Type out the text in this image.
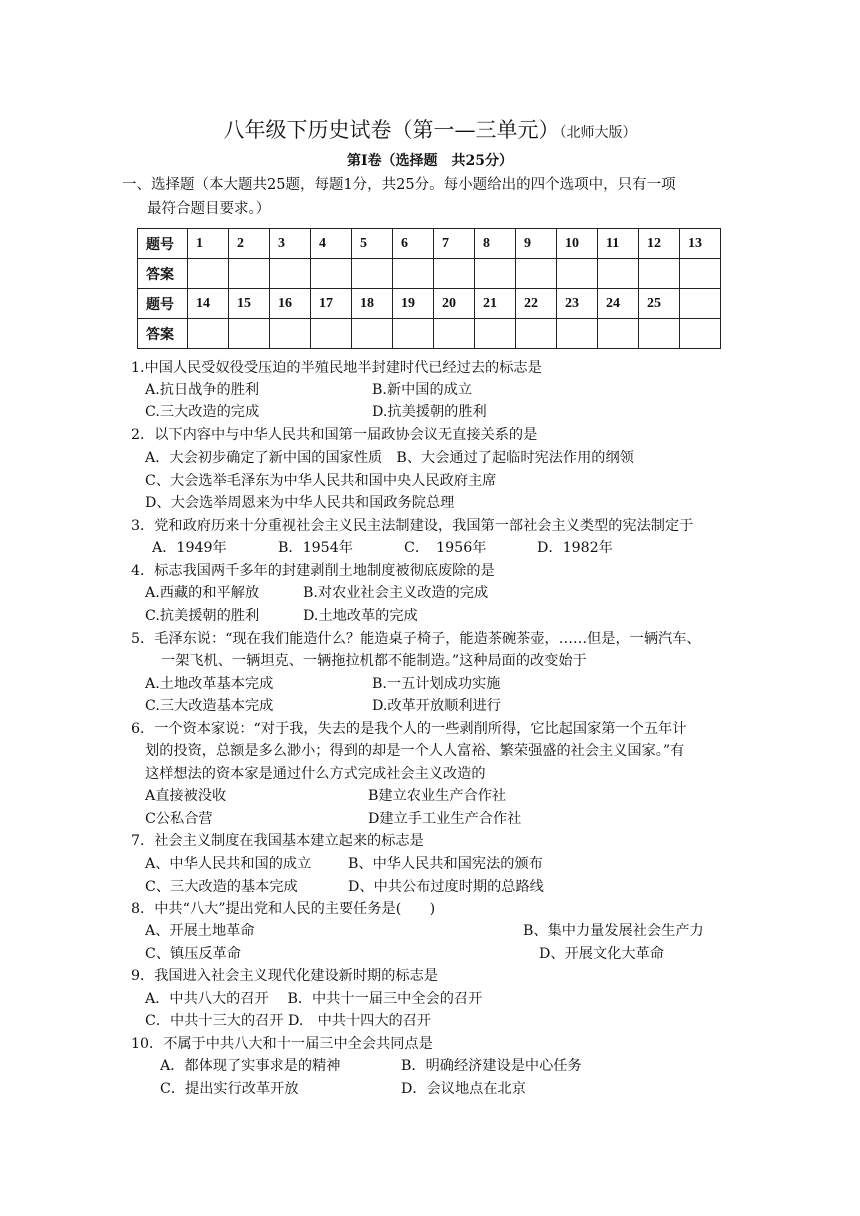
八年级下历史试卷（第一—三单元）（北师大版）
第Ⅰ卷（选择题　共25分）
一、选择题（本大题共25题，每题1分，共25分。每小题给出的四个选项中，只有一项
最符合题目要求。）
题号	1	2	3	4	5	6	7	8	9	10	11	12	13
答案													
题号	14	15	16	17	18	19	20	21	22	23	24	25	
答案													
1.中国人民受奴役受压迫的半殖民地半封建时代已经过去的标志是
A.抗日战争的胜利	B.新中国的成立
C.三大改造的完成	D.抗美援朝的胜利
2．以下内容中与中华人民共和国第一届政协会议无直接关系的是
A．大会初步确定了新中国的国家性质　B、大会通过了起临时宪法作用的纲领
C、大会选举毛泽东为中华人民共和国中央人民政府主席
D、大会选举周恩来为中华人民共和国政务院总理
3．党和政府历来十分重视社会主义民主法制建设，我国第一部社会主义类型的宪法制定于
A．1949年	B．1954年	C．　1956年	D．1982年
4．标志我国两千多年的封建剥削土地制度被彻底废除的是
A.西藏的和平解放	B.对农业社会主义改造的完成
C.抗美援朝的胜利	D.土地改革的完成
5．毛泽东说：“现在我们能造什么？能造桌子椅子，能造茶碗茶壶，……但是，一辆汽车、
一架飞机、一辆坦克、一辆拖拉机都不能制造。”这种局面的改变始于
A.土地改革基本完成	B.一五计划成功实施
C.三大改造基本完成	D.改革开放顺利进行
6．一个资本家说：“对于我，失去的是我个人的一些剥削所得，它比起国家第一个五年计
划的投资，总额是多么渺小；得到的却是一个人人富裕、繁荣强盛的社会主义国家。”有
这样想法的资本家是通过什么方式完成社会主义改造的
A直接被没收	B建立农业生产合作社
C公私合营	D建立手工业生产合作社
7．社会主义制度在我国基本建立起来的标志是
A、中华人民共和国的成立	B、中华人民共和国宪法的颁布
C、三大改造的基本完成	D、中共公布过度时期的总路线
8．中共“八大”提出党和人民的主要任务是(　　)
A、开展土地革命	B、集中力量发展社会生产力
C、镇压反革命	D、开展文化大革命
9．我国进入社会主义现代化建设新时期的标志是
A．中共八大的召开　 B．中共十一届三中全会的召开
C．中共十三大的召开 D.　中共十四大的召开
10．不属于中共八大和十一届三中全会共同点是
A．都体现了实事求是的精神	B．明确经济建设是中心任务
C．提出实行改革开放	D．会议地点在北京
